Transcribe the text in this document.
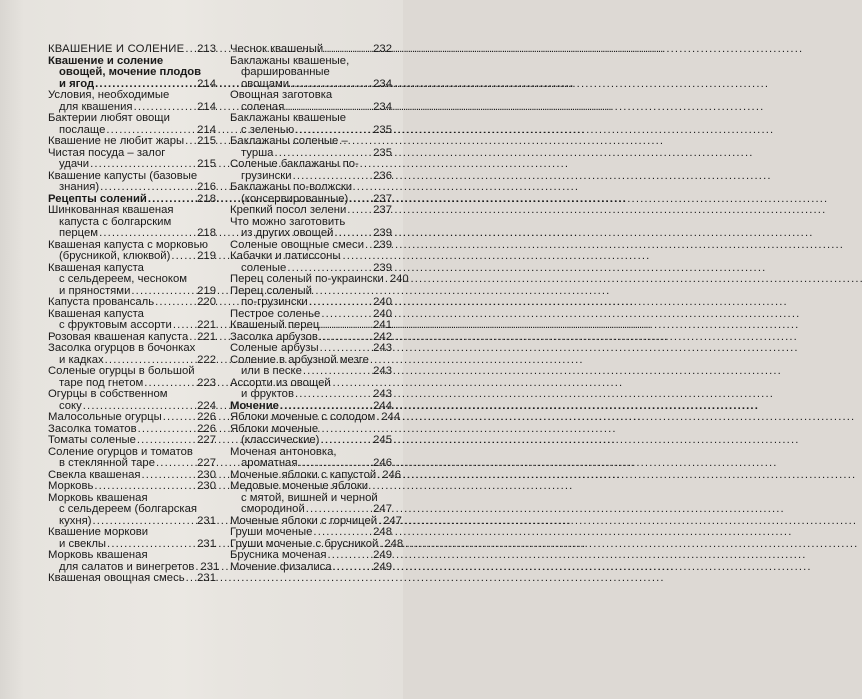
КВАШЕНИЕ И СОЛЕНИЕ . . . 213
Квашение и соление
овощей, мочение плодов
и ягод . . .	214
Условия, необходимые
для квашения . . .	214
Бактерии любят овощи
послаще . . .	214
Квашение не любит жары . . . 215
Чистая посуда – залог
удачи . . .	215
Квашение капусты (базовые
знания) . . .	216
Рецепты солений . . .	218
Шинкованная квашеная
капуста с болгарским
перцем . . .	218
Квашеная капуста с морковью
(брусникой, клюквой) . . . 219
Квашеная капуста
с сельдереем, чесноком
и пряностями . . .	219
Капуста провансаль . . .	220
Квашеная капуста
с фруктовым ассорти . . . 221
Розовая квашеная капуста . . . 221
Засолка огурцов в бочонках
и кадках . . .	222
Соленые огурцы в большой
таре под гнетом . . .	223
Огурцы в собственном
соку . . .	224
Малосольные огурцы . . .	226
Засолка томатов . . .	226
Томаты соленые . . .	227
Соление огурцов и томатов
в стеклянной таре . . .	227
Свекла квашеная . . .	230
Морковь . . .	230
Морковь квашеная
с сельдереем (болгарская
кухня) . . .	231
Квашение моркови
и свеклы . . .	231
Морковь квашеная
для салатов и винегретов . . . 231
Квашеная овощная смесь . . . 231
Чеснок квашеный . . .	232
Баклажаны квашеные,
фаршированные
овощами . . .	234
Овощная заготовка
соленая . . .	234
Баклажаны квашеные
с зеленью . . .	235
Баклажаны соленые –
турша . . .	235
Соленые баклажаны по-
грузински . . .	236
Баклажаны по-волжски
(консервированные) . . . 237
Крепкий посол зелени . . . 237
Что можно заготовить
из других овощей . . .	239
Соленые овощные смеси . . . 239
Кабачки и патиссоны
соленые . . .	239
Перец соленый по-украински . . . 240
Перец соленый
по-грузински . . .	240
Пестрое соленье . . .	240
Квашеный перец . . .	241
Засолка арбузов . . .	242
Соленые арбузы . . .	243
Соление в арбузной мезге
или в песке . . .	243
Ассорти из овощей
и фруктов . . .	243
Мочение . . .	244
Яблоки моченые с солодом . . . 244
Яблоки моченые
(классические) . . .	245
Моченая антоновка,
ароматная . . .	246
Моченые яблоки с капустой . . . 246
Медовые моченые яблоки
с мятой, вишней и черной
смородиной . . .	247
Моченые яблоки с горчицей . . . 247
Груши моченые . . .	248
Груши моченые с брусникой . . . 248
Брусника моченая . . .	249
Мочение физалиса . . .	249
